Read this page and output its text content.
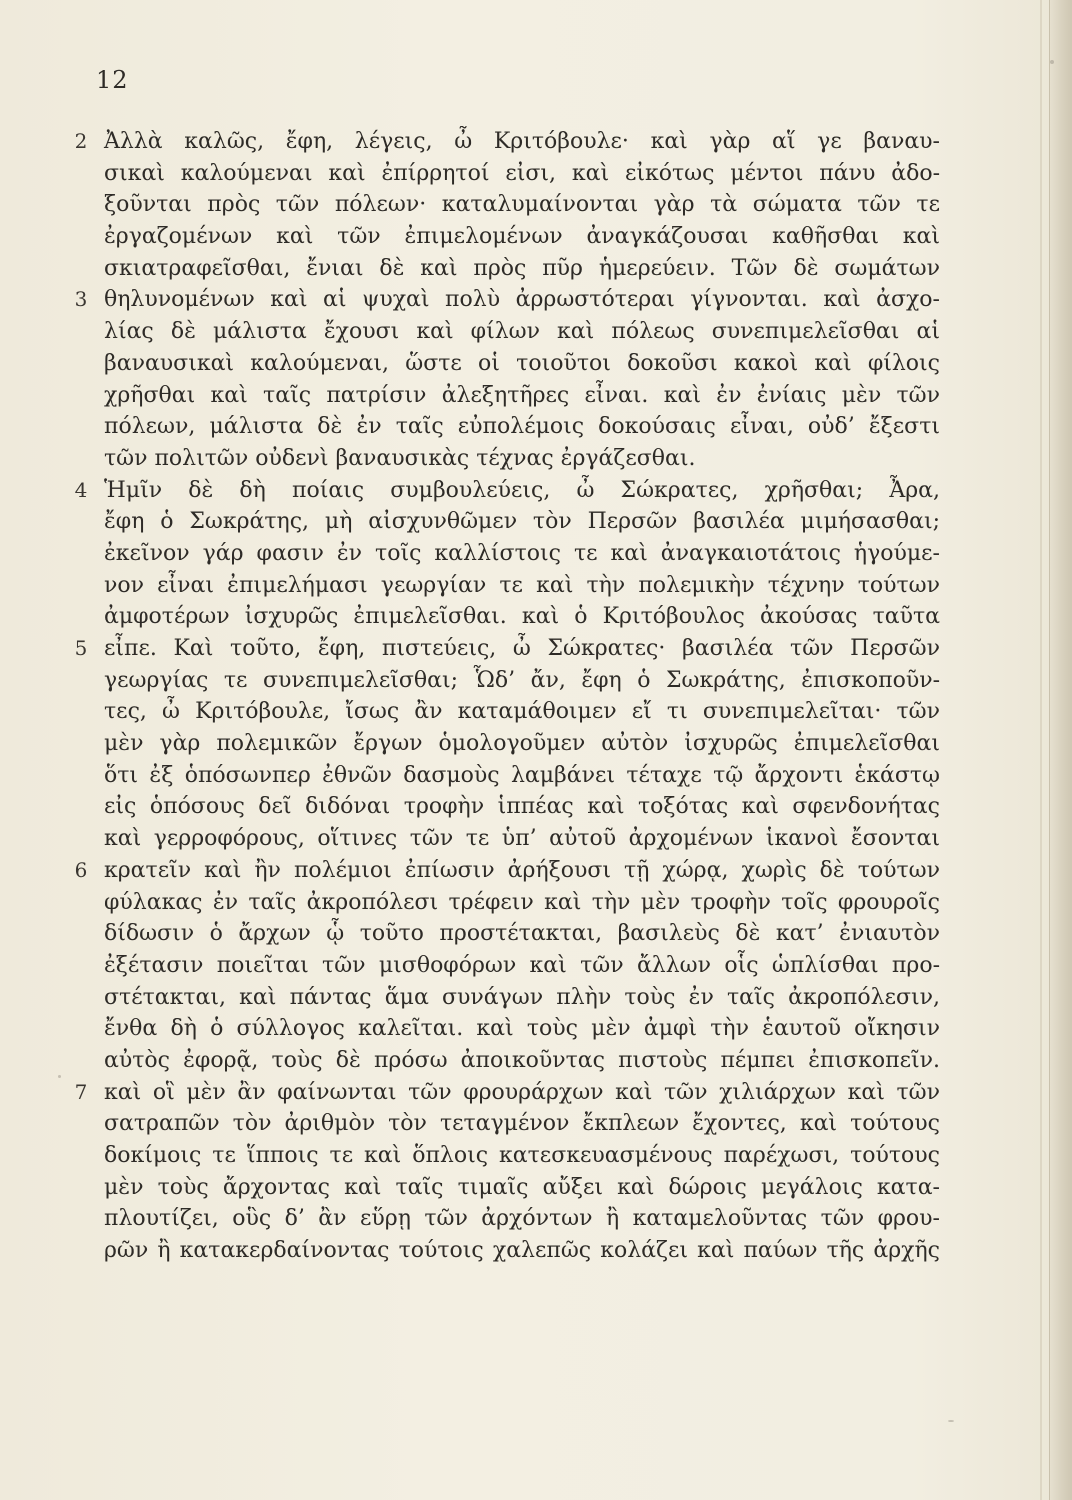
12
2 Ἀλλὰ καλῶς, ἔφη, λέγεις, ὦ Κριτόβουλε· καὶ γὰρ αἵ γε βαναυ-
σικαὶ καλούμεναι καὶ ἐπίρρητοί εἰσι, καὶ εἰκότως μέντοι πάνυ ἀδο-
ξοῦνται πρὸς τῶν πόλεων· καταλυμαίνονται γὰρ τὰ σώματα τῶν τε
ἐργαζομένων καὶ τῶν ἐπιμελομένων ἀναγκάζουσαι καθῆσθαι καὶ
σκιατραφεῖσθαι, ἔνιαι δὲ καὶ πρὸς πῦρ ἡμερεύειν. Τῶν δὲ σωμάτων
3 θηλυνομένων καὶ αἱ ψυχαὶ πολὺ ἀρρωστότεραι γίγνονται. καὶ ἀσχο-
λίας δὲ μάλιστα ἔχουσι καὶ φίλων καὶ πόλεως συνεπιμελεῖσθαι αἱ
βαναυσικαὶ καλούμεναι, ὥστε οἱ τοιοῦτοι δοκοῦσι κακοὶ καὶ φίλοις
χρῆσθαι καὶ ταῖς πατρίσιν ἀλεξητῆρες εἶναι. καὶ ἐν ἐνίαις μὲν τῶν
πόλεων, μάλιστα δὲ ἐν ταῖς εὐπολέμοις δοκούσαις εἶναι, οὐδ’ ἔξεστι
τῶν πολιτῶν οὐδενὶ βαναυσικὰς τέχνας ἐργάζεσθαι.
4 Ἡμῖν δὲ δὴ ποίαις συμβουλεύεις, ὦ Σώκρατες, χρῆσθαι; Ἆρα,
ἔφη ὁ Σωκράτης, μὴ αἰσχυνθῶμεν τὸν Περσῶν βασιλέα μιμήσασθαι;
ἐκεῖνον γάρ φασιν ἐν τοῖς καλλίστοις τε καὶ ἀναγκαιοτάτοις ἡγούμε-
νον εἶναι ἐπιμελήμασι γεωργίαν τε καὶ τὴν πολεμικὴν τέχνην τούτων
ἀμφοτέρων ἰσχυρῶς ἐπιμελεῖσθαι. καὶ ὁ Κριτόβουλος ἀκούσας ταῦτα
5 εἶπε. Καὶ τοῦτο, ἔφη, πιστεύεις, ὦ Σώκρατες· βασιλέα τῶν Περσῶν
γεωργίας τε συνεπιμελεῖσθαι; Ὧδ’ ἄν, ἔφη ὁ Σωκράτης, ἐπισκοποῦν-
τες, ὦ Κριτόβουλε, ἴσως ἂν καταμάθοιμεν εἴ τι συνεπιμελεῖται· τῶν
μὲν γὰρ πολεμικῶν ἔργων ὁμολογοῦμεν αὐτὸν ἰσχυρῶς ἐπιμελεῖσθαι
ὅτι ἐξ ὁπόσωνπερ ἐθνῶν δασμοὺς λαμβάνει τέταχε τῷ ἄρχοντι ἑκάστῳ
εἰς ὁπόσους δεῖ διδόναι τροφὴν ἱππέας καὶ τοξότας καὶ σφενδονήτας
καὶ γερροφόρους, οἵτινες τῶν τε ὑπ’ αὐτοῦ ἀρχομένων ἱκανοὶ ἔσονται
6 κρατεῖν καὶ ἢν πολέμιοι ἐπίωσιν ἀρήξουσι τῇ χώρᾳ, χωρὶς δὲ τούτων
φύλακας ἐν ταῖς ἀκροπόλεσι τρέφειν καὶ τὴν μὲν τροφὴν τοῖς φρουροῖς
δίδωσιν ὁ ἄρχων ᾧ τοῦτο προστέτακται, βασιλεὺς δὲ κατ’ ἐνιαυτὸν
ἐξέτασιν ποιεῖται τῶν μισθοφόρων καὶ τῶν ἄλλων οἷς ὡπλίσθαι προ-
στέτακται, καὶ πάντας ἅμα συνάγων πλὴν τοὺς ἐν ταῖς ἀκροπόλεσιν,
ἔνθα δὴ ὁ σύλλογος καλεῖται. καὶ τοὺς μὲν ἀμφὶ τὴν ἑαυτοῦ οἴκησιν
αὐτὸς ἐφορᾷ, τοὺς δὲ πρόσω ἀποικοῦντας πιστοὺς πέμπει ἐπισκοπεῖν.
7 καὶ οἳ μὲν ἂν φαίνωνται τῶν φρουράρχων καὶ τῶν χιλιάρχων καὶ τῶν
σατραπῶν τὸν ἀριθμὸν τὸν τεταγμένον ἔκπλεων ἔχοντες, καὶ τούτους
δοκίμοις τε ἵπποις τε καὶ ὅπλοις κατεσκευασμένους παρέχωσι, τούτους
μὲν τοὺς ἄρχοντας καὶ ταῖς τιμαῖς αὔξει καὶ δώροις μεγάλοις κατα-
πλουτίζει, οὓς δ’ ἂν εὕρῃ τῶν ἀρχόντων ἢ καταμελοῦντας τῶν φρου-
ρῶν ἢ κατακερδαίνοντας τούτοις χαλεπῶς κολάζει καὶ παύων τῆς ἀρχῆς
